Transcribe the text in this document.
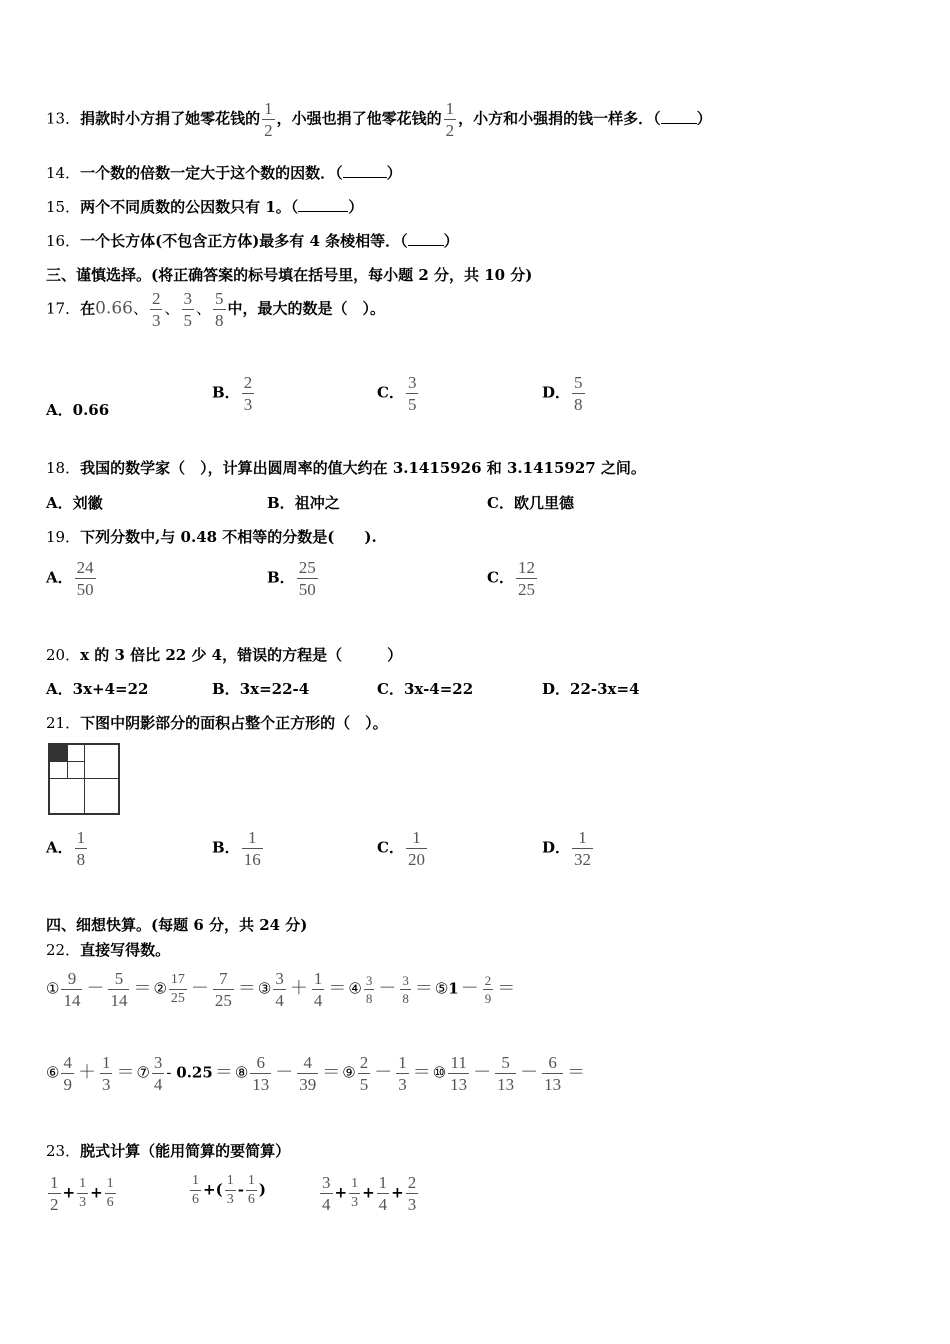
13．捐款时小方捐了她零花钱的 $\frac{1}{2}$ ，小强也捐了他零花钱的 $\frac{1}{2}$ ，小方和小强捐的钱一样多．（ ）
14．一个数的倍数一定大于这个数的因数．（	）
15．两个不同质数的公因数只有 1。（	）
16．一个长方体(不包含正方体)最多有 4 条棱相等．（ ）
三、谨慎选择。(将正确答案的标号填在括号里，每小题 2 分，共 10 分)
17．在0.66、 $\frac{2}{3}$ 、 $\frac{3}{5}$ 、 $\frac{5}{8}$ 中，最大的数是（　）。
A．0.66
B． $\frac{2}{3}$	C． $\frac{3}{5}$	D． $\frac{5}{8}$
18．我国的数学家（　），计算出圆周率的值大约在 3.1415926 和 3.1415927 之间。
A．刘徽	B．祖冲之	C．欧几里德
19．下列分数中,与 0.48 不相等的分数是(　　).
A． $\frac{24}{50}$	B． $\frac{25}{50}$	C． $\frac{12}{25}$
20．x 的 3 倍比 22 少 4，错误的方程是（　　　）
A．3x+4=22	B．3x=22-4	C．3x-4=22	D．22-3x=4
21．下图中阴影部分的面积占整个正方形的（　）。
A． $\frac{1}{8}$	B． $\frac{1}{16}$	C． $\frac{1}{20}$	D． $\frac{1}{32}$
四、细想快算。(每题 6 分，共 24 分)
22．直接写得数。
① $\frac{9}{14} - \frac{5}{14}$ ＝ ② $\frac{17}{25} - \frac{7}{25}$ ＝ ③ $\frac{3}{4} + \frac{1}{4}$ ＝ ④ $\frac{3}{8} - \frac{3}{8}$ ＝ ⑤1 － $\frac{2}{9}$ ＝
⑥ $\frac{4}{9} + \frac{1}{3}$ ＝ ⑦ $\frac{3}{4} - 0.25$ ＝ ⑧ $\frac{6}{13} - \frac{4}{39}$ ＝ ⑨ $\frac{2}{5} - \frac{1}{3}$ ＝ ⑩ $\frac{11}{13} - \frac{5}{13} - \frac{6}{13}$ ＝
23．脱式计算（能用简算的要简算）
$\frac{1}{2} + \frac{1}{3} + \frac{1}{6}$	$\frac{1}{6}$ +( $\frac{1}{3} - \frac{1}{6}$ )	$\frac{3}{4} + \frac{1}{3} + \frac{1}{4} + \frac{2}{3}$
